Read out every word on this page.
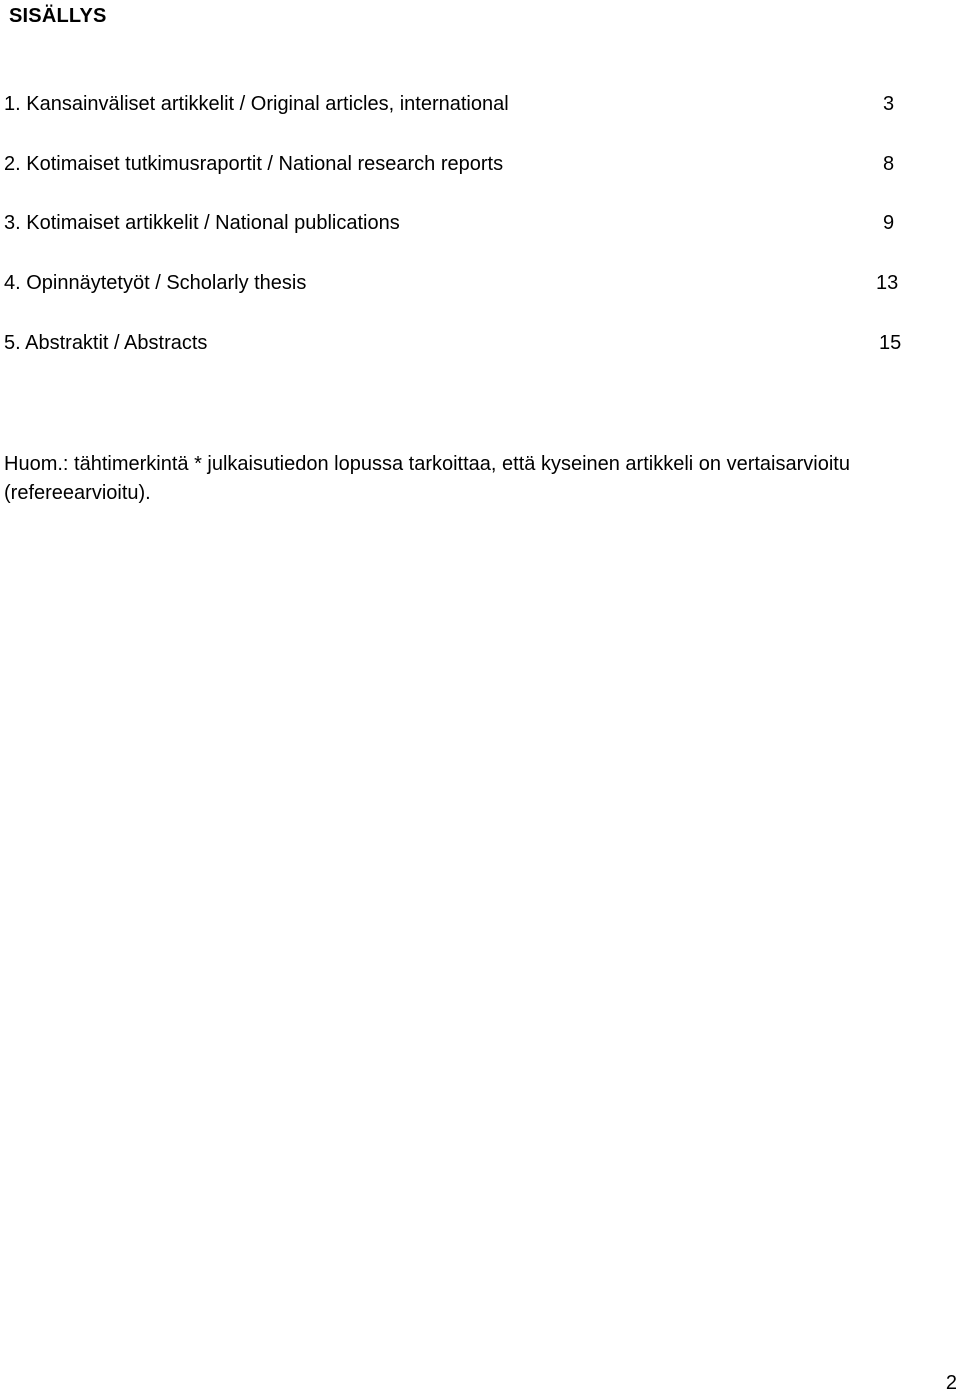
SISÄLLYS
1. Kansainväliset artikkelit / Original articles, international	3
2. Kotimaiset tutkimusraportit / National research reports	8
3. Kotimaiset artikkelit / National publications	9
4. Opinnäytetyöt / Scholarly thesis	13
5. Abstraktit / Abstracts	15
Huom.: tähtimerkintä * julkaisutiedon lopussa tarkoittaa, että kyseinen artikkeli on vertaisarvioitu (refereearvioitu).
2
